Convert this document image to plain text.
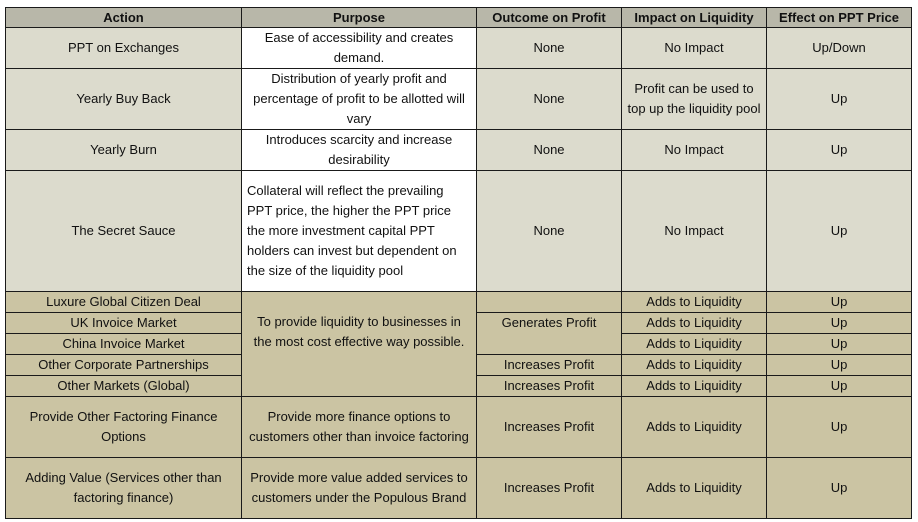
Action	Purpose	Outcome on Profit	Impact on Liquidity	Effect on PPT Price
PPT on Exchanges	Ease of accessibility and creates demand.	None	No Impact	Up/Down
Yearly Buy Back	Distribution of yearly profit and percentage of profit to be allotted will vary	None	Profit can be used to top up the liquidity pool	Up
Yearly Burn	Introduces scarcity and increase desirability	None	No Impact	Up
The Secret Sauce	Collateral will reflect the prevailing PPT price, the higher the PPT price the more investment capital PPT holders can invest but dependent on the size of the liquidity pool	None	No Impact	Up
Luxure Global Citizen Deal	To provide liquidity to businesses in the most cost effective way possible.		Adds to Liquidity	Up
UK Invoice Market		Generates Profit	Adds to Liquidity	Up
China Invoice Market			Adds to Liquidity	Up
Other Corporate Partnerships		Increases Profit	Adds to Liquidity	Up
Other Markets (Global)		Increases Profit	Adds to Liquidity	Up
Provide Other Factoring Finance Options	Provide more finance options to customers other than invoice factoring	Increases Profit	Adds to Liquidity	Up
Adding Value (Services other than factoring finance)	Provide more value added services to customers under the Populous Brand	Increases Profit	Adds to Liquidity	Up
